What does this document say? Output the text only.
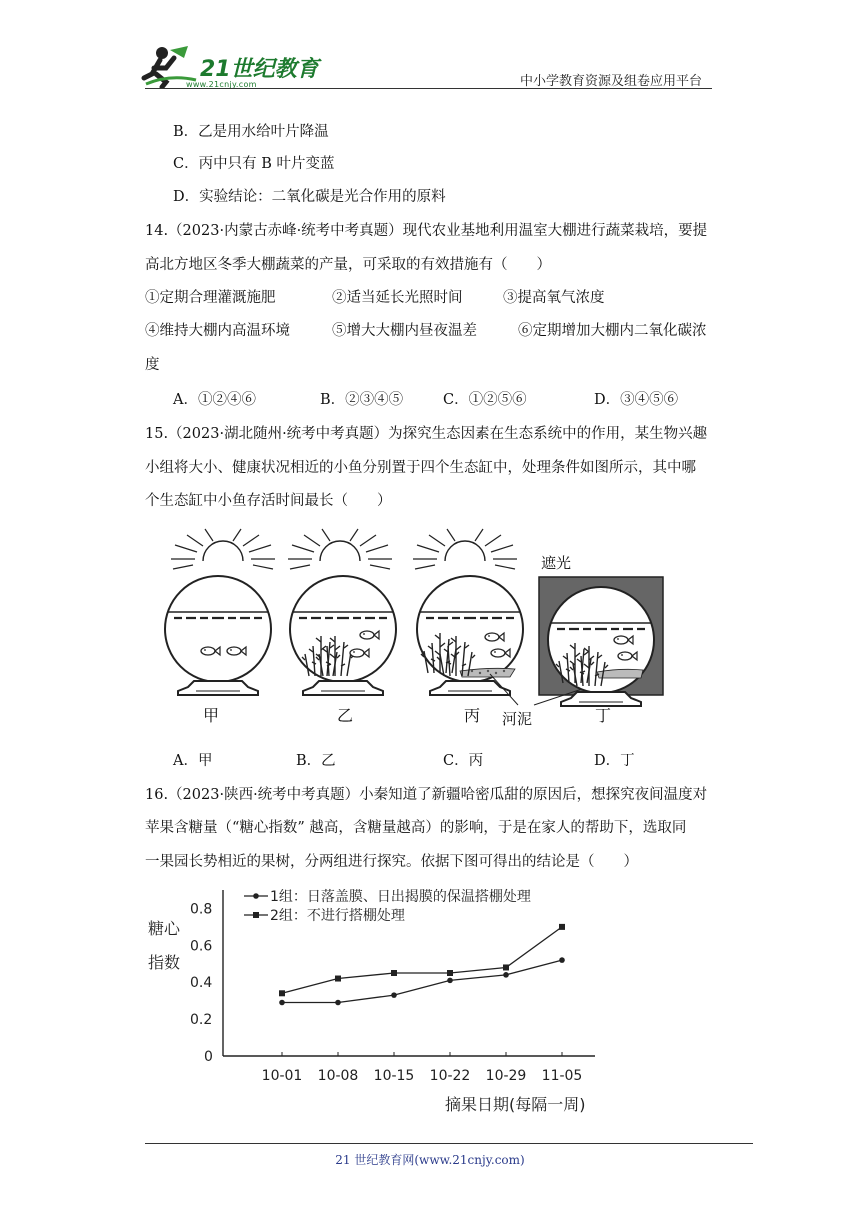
21世纪教育
www.21cnjy.com	中小学教育资源及组卷应用平台
B．乙是用水给叶片降温
C．丙中只有 B 叶片变蓝
D．实验结论：二氧化碳是光合作用的原料
14.（2023·内蒙古赤峰·统考中考真题）现代农业基地利用温室大棚进行蔬菜栽培，要提
高北方地区冬季大棚蔬菜的产量，可采取的有效措施有（　　）
①定期合理灌溉施肥	②适当延长光照时间	③提高氧气浓度
④维持大棚内高温环境	⑤增大大棚内昼夜温差	⑥定期增加大棚内二氧化碳浓
度
A．①②④⑥	B．②③④⑤	C．①②⑤⑥	D．③④⑤⑥
15.（2023·湖北随州·统考中考真题）为探究生态因素在生态系统中的作用，某生物兴趣
小组将大小、健康状况相近的小鱼分别置于四个生态缸中，处理条件如图所示，其中哪
个生态缸中小鱼存活时间最长（　　）
遮光
甲	乙	丙 河泥	丁
A．甲	B．乙	C．丙	D．丁
16.（2023·陕西·统考中考真题）小秦知道了新疆哈密瓜甜的原因后，想探究夜间温度对
苹果含糖量（“糖心指数” 越高，含糖量越高）的影响，于是在家人的帮助下，选取同
一果园长势相近的果树，分两组进行探究。依据下图可得出的结论是（　　）
0
0.2
0.4
0.6
0.8
10-01 10-08 10-15 10-22 10-29 11-05
1组：日落盖膜、日出揭膜的保温搭棚处理
2组：不进行搭棚处理
糖心
指数
摘果日期(每隔一周)
21 世纪教育网(www.21cnjy.com)
